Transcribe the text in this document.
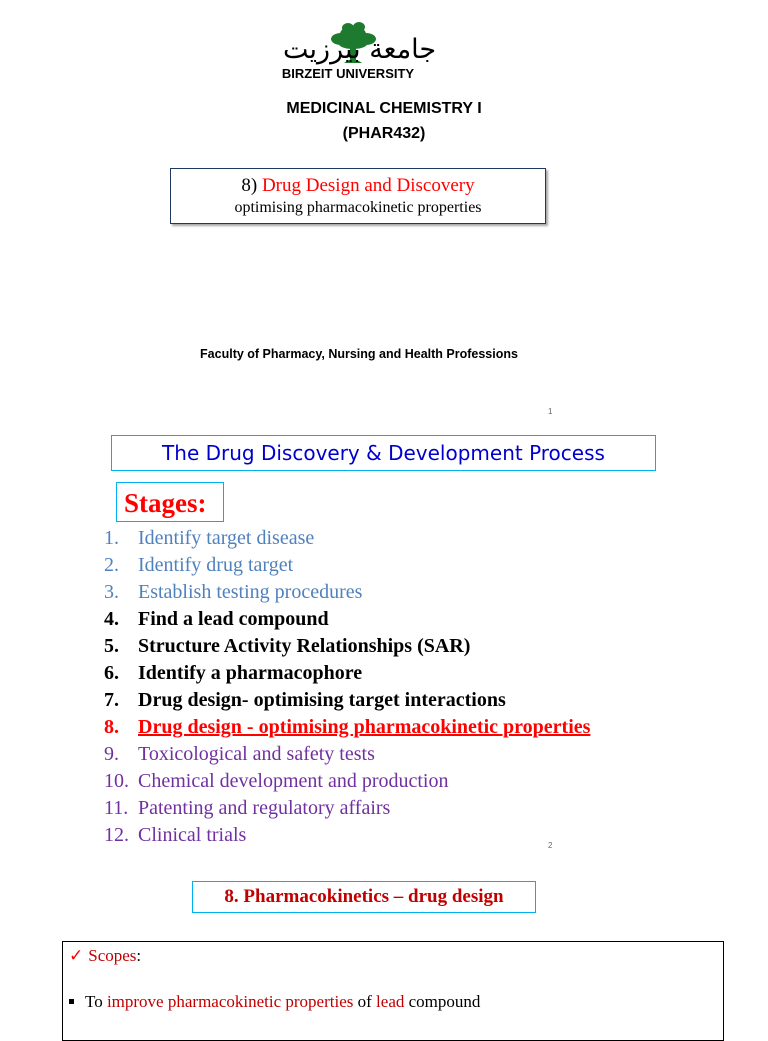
جامعة بيرزيت
BIRZEIT UNIVERSITY
MEDICINAL CHEMISTRY I
(PHAR432)
8) Drug Design and Discovery
optimising pharmacokinetic properties
Faculty of Pharmacy, Nursing and Health Professions
1
The Drug Discovery & Development Process
Stages:
1. Identify target disease
2. Identify drug target
3. Establish testing procedures
4. Find a lead compound
5. Structure Activity Relationships (SAR)
6. Identify a pharmacophore
7. Drug design- optimising target interactions
8. Drug design - optimising pharmacokinetic properties
9. Toxicological and safety tests
10. Chemical development and production
11. Patenting and regulatory affairs
12. Clinical trials	2
8. Pharmacokinetics – drug design
✓ Scopes:
To improve pharmacokinetic properties of lead compound
